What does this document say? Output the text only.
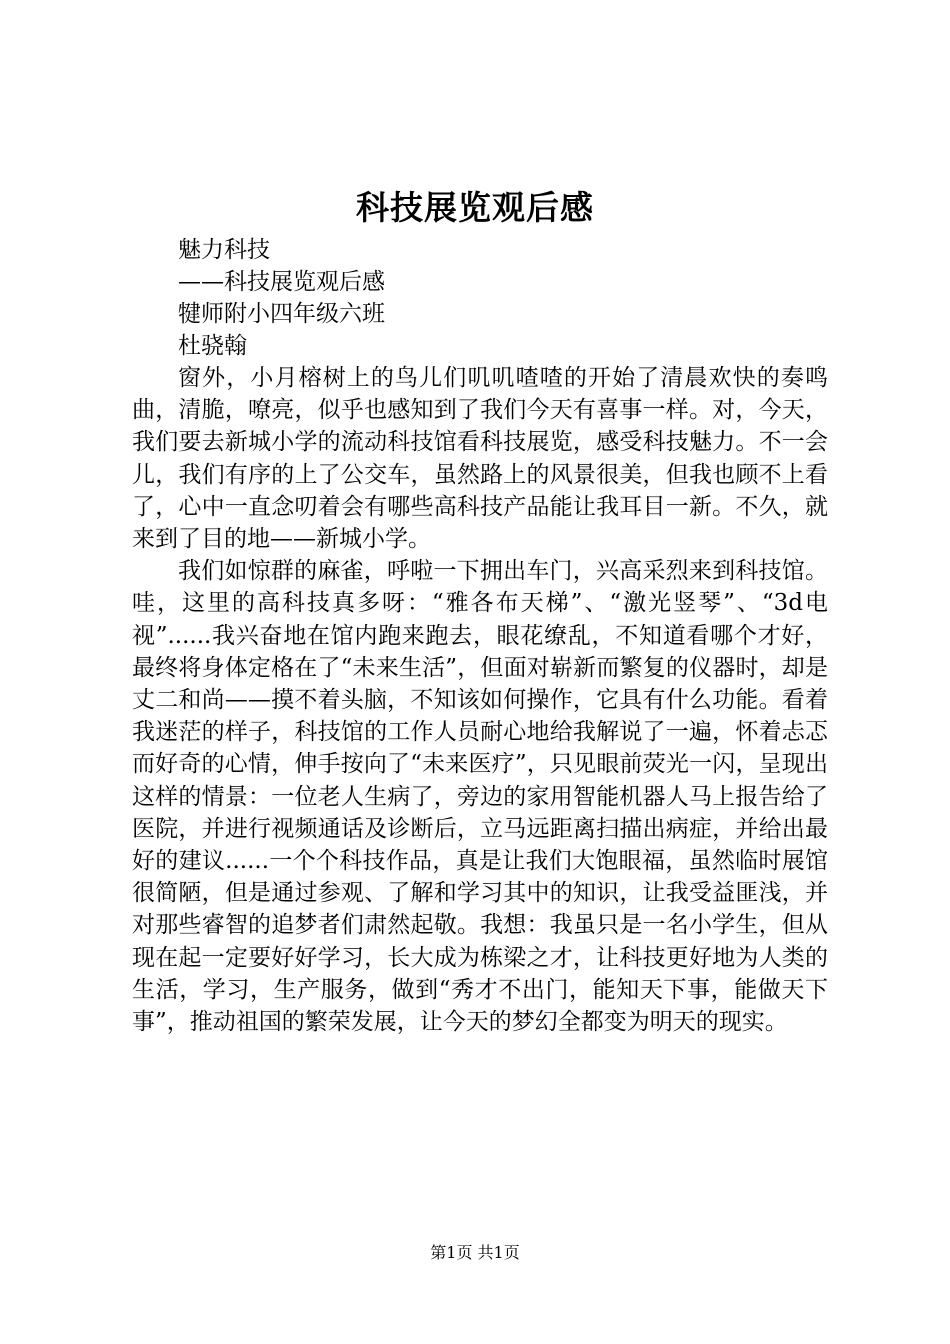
科技展览观后感
魅力科技
——科技展览观后感
犍师附小四年级六班
杜骁翰

窗外，小月榕树上的鸟儿们叽叽喳喳的开始了清晨欢快的奏鸣曲，清脆，嘹亮，似乎也感知到了我们今天有喜事一样。对，今天，我们要去新城小学的流动科技馆看科技展览，感受科技魅力。不一会儿，我们有序的上了公交车，虽然路上的风景很美，但我也顾不上看了，心中一直念叨着会有哪些高科技产品能让我耳目一新。不久，就来到了目的地——新城小学。

我们如惊群的麻雀，呼啦一下拥出车门，兴高采烈来到科技馆。哇，这里的高科技真多呀：“雅各布天梯”、“激光竖琴”、“3d电视”......我兴奋地在馆内跑来跑去，眼花缭乱，不知道看哪个才好，最终将身体定格在了“未来生活”，但面对崭新而繁复的仪器时，却是丈二和尚——摸不着头脑，不知该如何操作，它具有什么功能。看着我迷茫的样子，科技馆的工作人员耐心地给我解说了一遍，怀着忐忑而好奇的心情，伸手按向了“未来医疗”，只见眼前荧光一闪，呈现出这样的情景：一位老人生病了，旁边的家用智能机器人马上报告给了医院，并进行视频通话及诊断后，立马远距离扫描出病症，并给出最好的建议......一个个科技作品，真是让我们大饱眼福，虽然临时展馆很简陋，但是通过参观、了解和学习其中的知识，让我受益匪浅，并对那些睿智的追梦者们肃然起敬。我想：我虽只是一名小学生，但从现在起一定要好好学习，长大成为栋梁之才，让科技更好地为人类的生活，学习，生产服务，做到“秀才不出门，能知天下事，能做天下事”，推动祖国的繁荣发展，让今天的梦幻全都变为明天的现实。

第1页 共1页
